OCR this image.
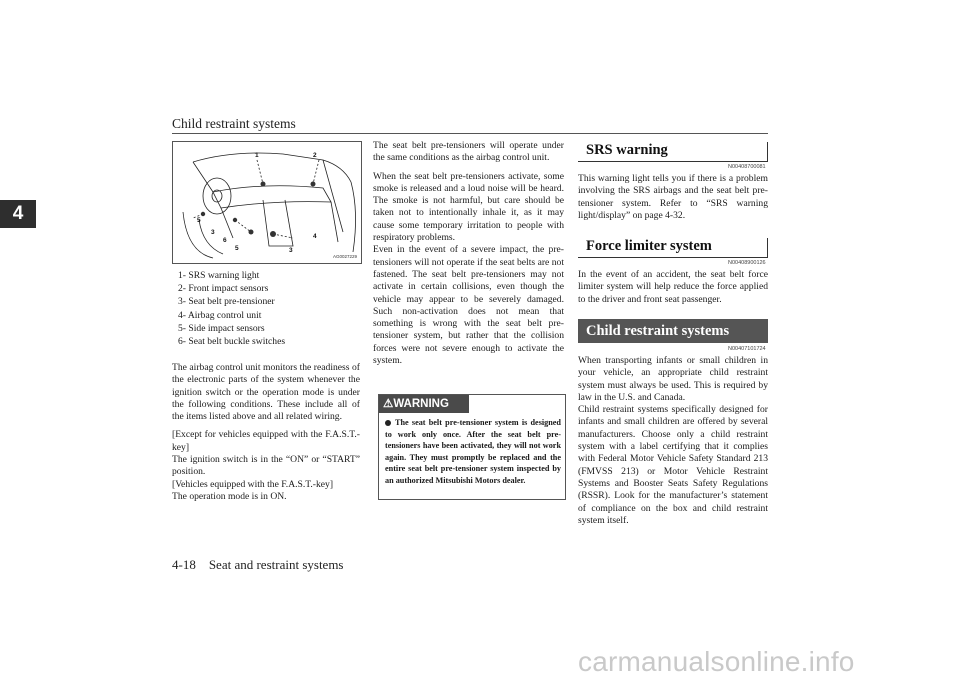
Child restraint systems
4
1	2
5
3
6
4
5	3
AG0027229
1- SRS warning light
2- Front impact sensors
3- Seat belt pre-tensioner
4- Airbag control unit
5- Side impact sensors
6- Seat belt buckle switches

The airbag control unit monitors the readiness of the electronic parts of the system whenever the ignition switch or the operation mode is under the following conditions. These include all of the items listed above and all related wiring.

[Except for vehicles equipped with the F.A.S.T.-key]

The ignition switch is in the “ON” or “START” position.

[Vehicles equipped with the F.A.S.T.-key]

The operation mode is in ON.

The seat belt pre-tensioners will operate under the same conditions as the airbag control unit.

When the seat belt pre-tensioners activate, some smoke is released and a loud noise will be heard. The smoke is not harmful, but care should be taken not to intentionally inhale it, as it may cause some temporary irritation to people with respiratory problems.

Even in the event of a severe impact, the pre-tensioners will not operate if the seat belts are not fastened. The seat belt pre-tensioners may not activate in certain collisions, even though the vehicle may appear to be severely damaged. Such non-activation does not mean that something is wrong with the seat belt pre-tensioner system, but rather that the collision forces were not severe enough to activate the system.

⚠WARNING
The seat belt pre-tensioner system is designed to work only once. After the seat belt pre-tensioners have been activated, they will not work again. They must promptly be replaced and the entire seat belt pre-tensioner system inspected by an authorized Mitsubishi Motors dealer.
SRS warning
N00408700081
This warning light tells you if there is a problem involving the SRS airbags and the seat belt pre-tensioner system. Refer to “SRS warning light/display” on page 4-32.
Force limiter system
N00408900126
In the event of an accident, the seat belt force limiter system will help reduce the force applied to the driver and front seat passenger.
Child restraint systems
N00407101724

When transporting infants or small children in your vehicle, an appropriate child restraint system must always be used. This is required by law in the U.S. and Canada.

Child restraint systems specifically designed for infants and small children are offered by several manufacturers. Choose only a child restraint system with a label certifying that it complies with Federal Motor Vehicle Safety Standard 213 (FMVSS 213) or Motor Vehicle Restraint Systems and Booster Seats Safety Regulations (RSSR). Look for the manufacturer’s statement of compliance on the box and child restraint system itself.

4-18    Seat and restraint systems
carmanualsonline.info
